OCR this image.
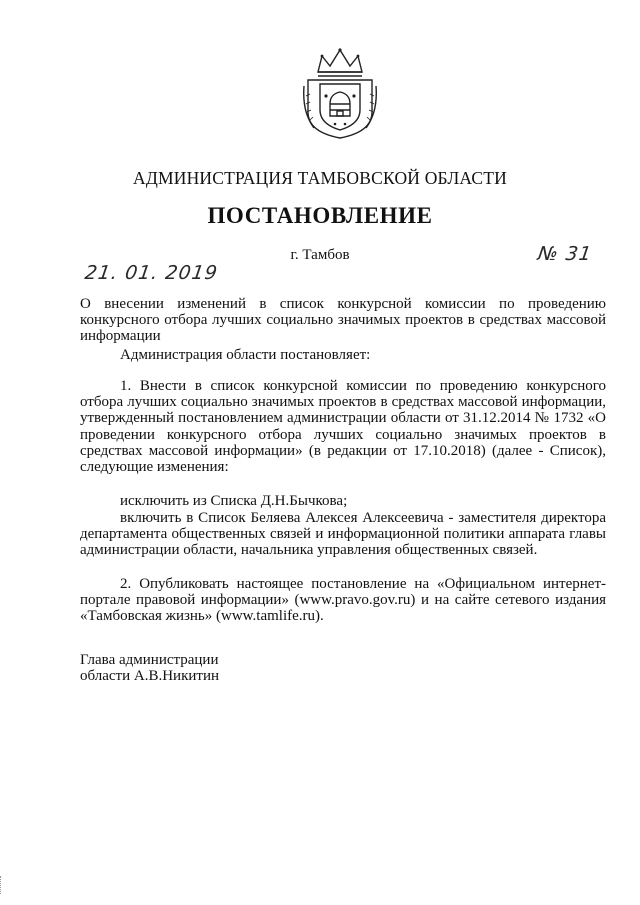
АДМИНИСТРАЦИЯ ТАМБОВСКОЙ ОБЛАСТИ
ПОСТАНОВЛЕНИЕ
г. Тамбов
21. 01. 2019
№ 31

О внесении изменений в список конкурсной комиссии по проведению конкурсного отбора лучших социально значимых проектов в средствах массовой информации

Администрация области постановляет:

1. Внести в список конкурсной комиссии по проведению конкурсного отбора лучших социально значимых проектов в средствах массовой информации, утвержденный постановлением администрации области от 31.12.2014 № 1732 «О проведении конкурсного отбора лучших социально значимых проектов в средствах массовой информации» (в редакции от 17.10.2018) (далее - Список), следующие изменения:

исключить из Списка Д.Н.Бычкова;

включить в Список Беляева Алексея Алексеевича - заместителя директора департамента общественных связей и информационной политики аппарата главы администрации области, начальника управления общественных связей.

2. Опубликовать настоящее постановление на «Официальном интернет-портале правовой информации» (www.pravo.gov.ru) и на сайте сетевого издания «Тамбовская жизнь» (www.tamlife.ru).

Глава администрации
области А.В.Никитин
